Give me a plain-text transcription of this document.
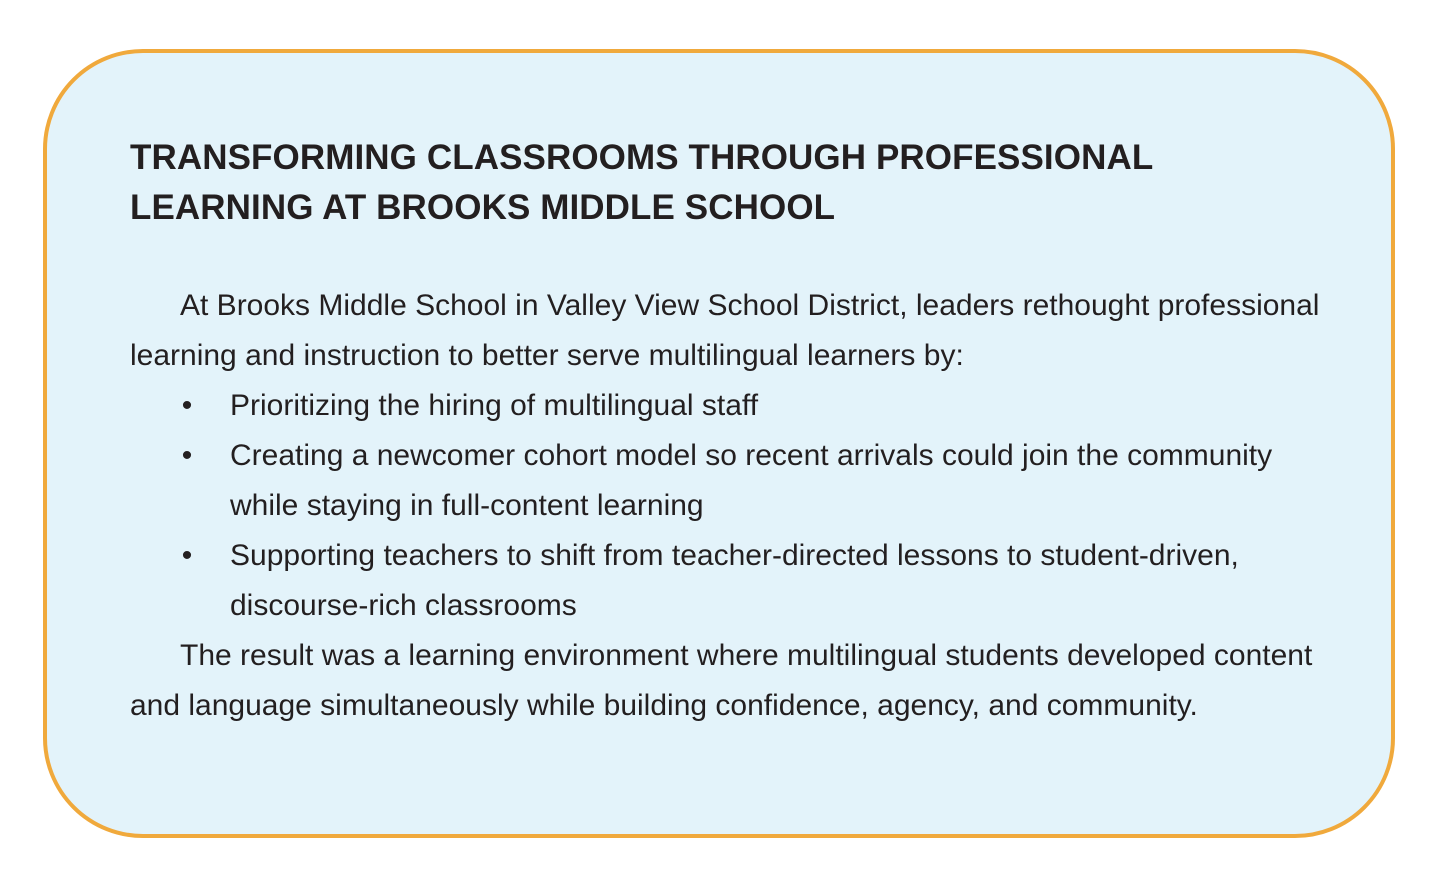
TRANSFORMING CLASSROOMS THROUGH PROFESSIONAL
LEARNING AT BROOKS MIDDLE SCHOOL

At Brooks Middle School in Valley View School District, leaders rethought professional learning and instruction to better serve multilingual learners by:

• Prioritizing the hiring of multilingual staff
• Creating a newcomer cohort model so recent arrivals could join the community while staying in full-content learning
• Supporting teachers to shift from teacher-directed lessons to student-driven, discourse-rich classrooms

The result was a learning environment where multilingual students developed content and language simultaneously while building confidence, agency, and community.
